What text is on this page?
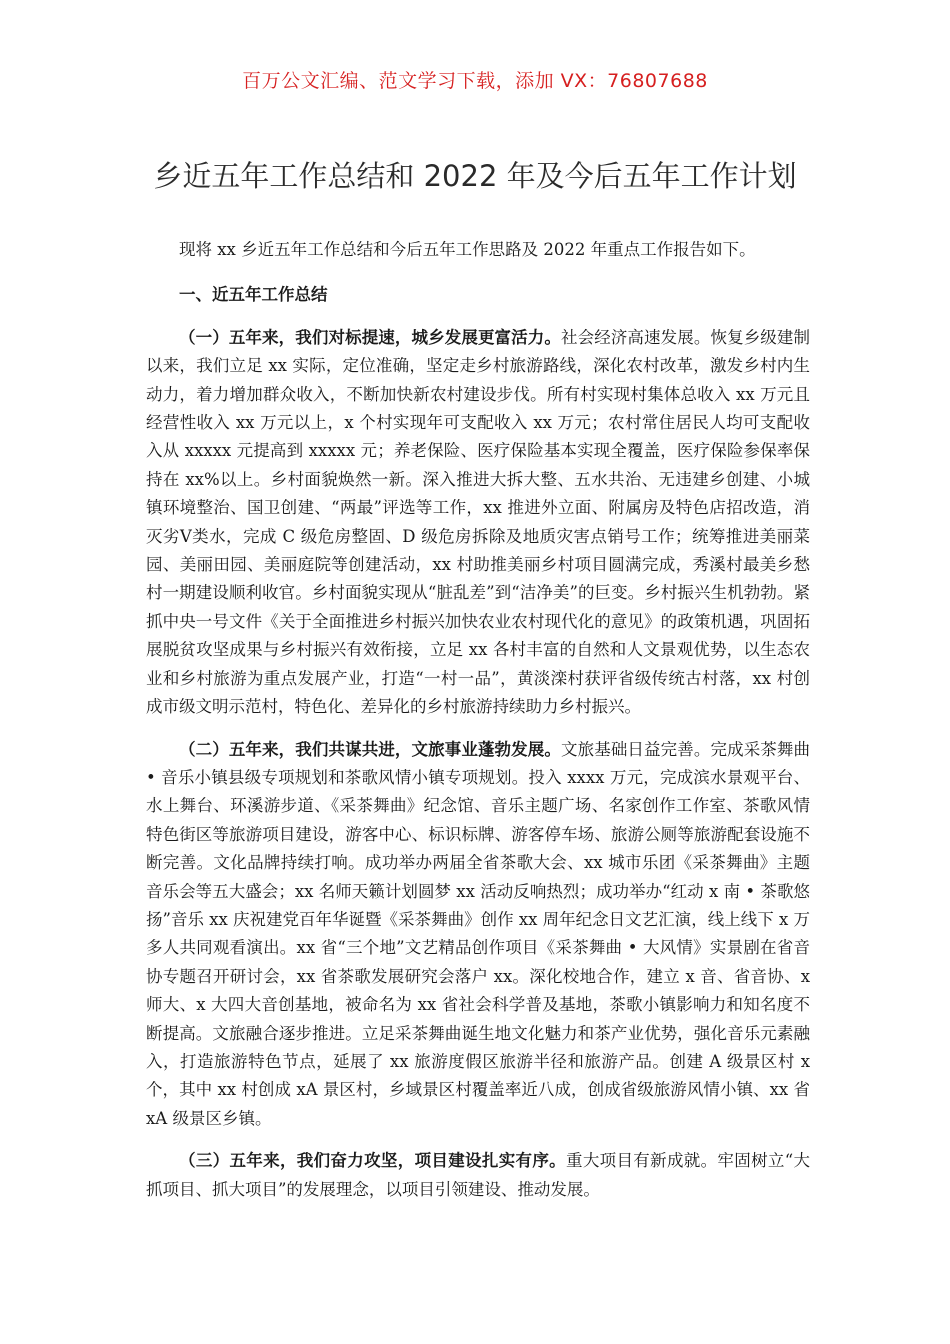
百万公文汇编、范文学习下载，添加 VX：76807688
乡近五年工作总结和 2022 年及今后五年工作计划

现将 xx 乡近五年工作总结和今后五年工作思路及 2022 年重点工作报告如下。

一、近五年工作总结

（一）五年来，我们对标提速，城乡发展更富活力。社会经济高速发展。恢复乡级建制以来，我们立足 xx 实际，定位准确，坚定走乡村旅游路线，深化农村改革，激发乡村内生动力，着力增加群众收入，不断加快新农村建设步伐。所有村实现村集体总收入 xx 万元且经营性收入 xx 万元以上，x 个村实现年可支配收入 xx 万元；农村常住居民人均可支配收入从 xxxxx 元提高到 xxxxx 元；养老保险、医疗保险基本实现全覆盖，医疗保险参保率保持在 xx%以上。乡村面貌焕然一新。深入推进大拆大整、五水共治、无违建乡创建、小城镇环境整治、国卫创建、“两最”评选等工作，xx 推进外立面、附属房及特色店招改造，消灭劣Ⅴ类水，完成 C 级危房整固、D 级危房拆除及地质灾害点销号工作；统筹推进美丽菜园、美丽田园、美丽庭院等创建活动，xx 村助推美丽乡村项目圆满完成，秀溪村最美乡愁村一期建设顺利收官。乡村面貌实现从“脏乱差”到“洁净美”的巨变。乡村振兴生机勃勃。紧抓中央一号文件《关于全面推进乡村振兴加快农业农村现代化的意见》的政策机遇，巩固拓展脱贫攻坚成果与乡村振兴有效衔接，立足 xx 各村丰富的自然和人文景观优势，以生态农业和乡村旅游为重点发展产业，打造“一村一品”，黄淡滦村获评省级传统古村落，xx 村创成市级文明示范村，特色化、差异化的乡村旅游持续助力乡村振兴。

（二）五年来，我们共谋共进，文旅事业蓬勃发展。文旅基础日益完善。完成采茶舞曲 • 音乐小镇县级专项规划和茶歌风情小镇专项规划。投入 xxxx 万元，完成滨水景观平台、水上舞台、环溪游步道、《采茶舞曲》纪念馆、音乐主题广场、名家创作工作室、茶歌风情特色街区等旅游项目建设，游客中心、标识标牌、游客停车场、旅游公厕等旅游配套设施不断完善。文化品牌持续打响。成功举办两届全省茶歌大会、xx 城市乐团《采茶舞曲》主题音乐会等五大盛会；xx 名师天籁计划圆梦 xx 活动反响热烈；成功举办“红动 x 南 • 茶歌悠扬”音乐 xx 庆祝建党百年华诞暨《采茶舞曲》创作 xx 周年纪念日文艺汇演，线上线下 x 万多人共同观看演出。xx 省“三个地”文艺精品创作项目《采茶舞曲 • 大风情》实景剧在省音协专题召开研讨会，xx 省茶歌发展研究会落户 xx。深化校地合作，建立 x 音、省音协、x 师大、x 大四大音创基地，被命名为 xx 省社会科学普及基地，茶歌小镇影响力和知名度不断提高。文旅融合逐步推进。立足采茶舞曲诞生地文化魅力和茶产业优势，强化音乐元素融入，打造旅游特色节点，延展了 xx 旅游度假区旅游半径和旅游产品。创建 A 级景区村 x 个，其中 xx 村创成 xA 景区村，乡域景区村覆盖率近八成，创成省级旅游风情小镇、xx 省 xA 级景区乡镇。

（三）五年来，我们奋力攻坚，项目建设扎实有序。重大项目有新成就。牢固树立“大抓项目、抓大项目”的发展理念，以项目引领建设、推动发展。
